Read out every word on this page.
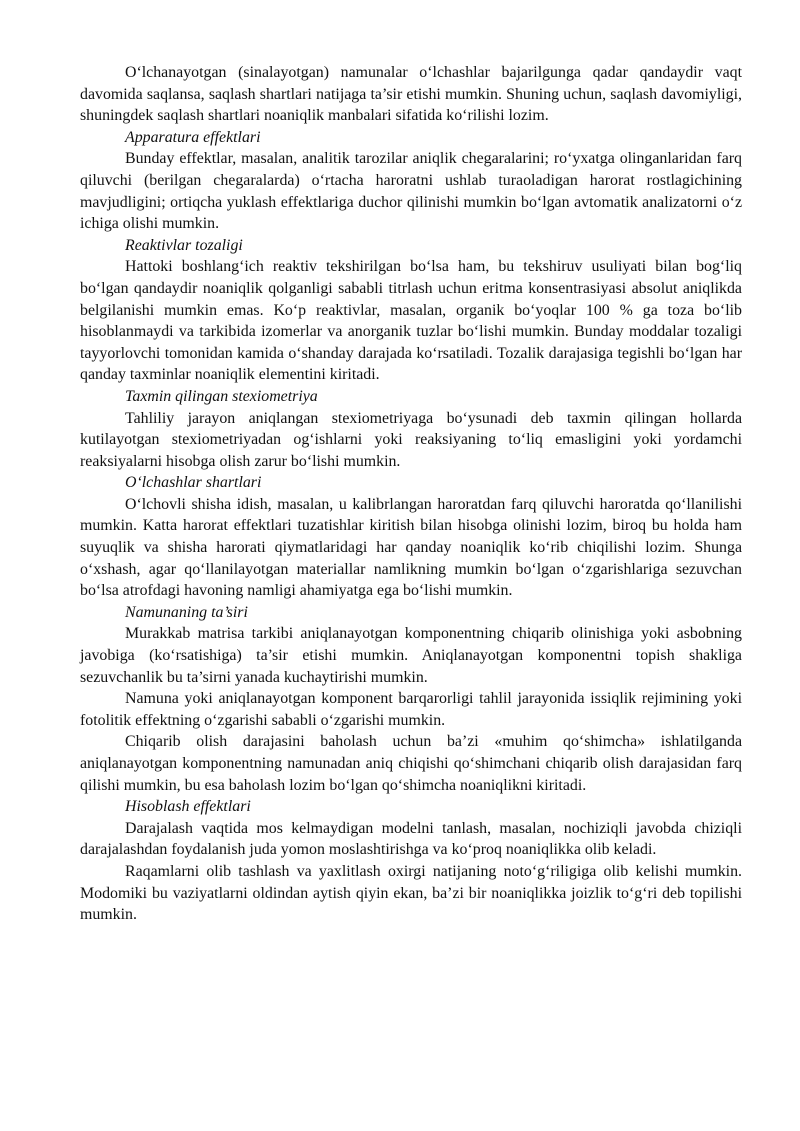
O‘lchanayotgan (sinalayotgan) namunalar o‘lchashlar bajarilgunga qadar qandaydir vaqt davomida saqlansa, saqlash shartlari natijaga ta’sir etishi mumkin. Shuning uchun, saqlash davomiyligi, shuningdek saqlash shartlari noaniqlik manbalari sifatida ko‘rilishi lozim.

Apparatura effektlari

Bunday effektlar, masalan, analitik tarozilar aniqlik chegaralarini; ro‘yxatga olinganlaridan farq qiluvchi (berilgan chegaralarda) o‘rtacha haroratni ushlab turaoladigan harorat rostlagichining mavjudligini; ortiqcha yuklash effektlariga duchor qilinishi mumkin bo‘lgan avtomatik analizatorni o‘z ichiga olishi mumkin.

Reaktivlar tozaligi

Hattoki boshlang‘ich reaktiv tekshirilgan bo‘lsa ham, bu tekshiruv usuliyati bilan bog‘liq bo‘lgan qandaydir noaniqlik qolganligi sababli titrlash uchun eritma konsentrasiyasi absolut aniqlikda belgilanishi mumkin emas. Ko‘p reaktivlar, masalan, organik bo‘yoqlar 100 % ga toza bo‘lib hisoblanmaydi va tarkibida izomerlar va anorganik tuzlar bo‘lishi mumkin. Bunday moddalar tozaligi tayyorlovchi tomonidan kamida o‘shanday darajada ko‘rsatiladi. Tozalik darajasiga tegishli bo‘lgan har qanday taxminlar noaniqlik elementini kiritadi.

Taxmin qilingan stexiometriya

Tahliliy jarayon aniqlangan stexiometriyaga bo‘ysunadi deb taxmin qilingan hollarda kutilayotgan stexiometriyadan og‘ishlarni yoki reaksiyaning to‘liq emasligini yoki yordamchi reaksiyalarni hisobga olish zarur bo‘lishi mumkin.

O‘lchashlar shartlari

O‘lchovli shisha idish, masalan, u kalibrlangan haroratdan farq qiluvchi haroratda qo‘llanilishi mumkin. Katta harorat effektlari tuzatishlar kiritish bilan hisobga olinishi lozim, biroq bu holda ham suyuqlik va shisha harorati qiymatlaridagi har qanday noaniqlik ko‘rib chiqilishi lozim. Shunga o‘xshash, agar qo‘llanilayotgan materiallar namlikning mumkin bo‘lgan o‘zgarishlariga sezuvchan bo‘lsa atrofdagi havoning namligi ahamiyatga ega bo‘lishi mumkin.

Namunaning ta’siri

Murakkab matrisa tarkibi aniqlanayotgan komponentning chiqarib olinishiga yoki asbobning javobiga (ko‘rsatishiga) ta’sir etishi mumkin. Aniqlanayotgan komponentni topish shakliga sezuvchanlik bu ta’sirni yanada kuchaytirishi mumkin.

Namuna yoki aniqlanayotgan komponent barqarorligi tahlil jarayonida issiqlik rejimining yoki fotolitik effektning o‘zgarishi sababli o‘zgarishi mumkin.

Chiqarib olish darajasini baholash uchun ba’zi «muhim qo‘shimcha» ishlatilganda aniqlanayotgan komponentning namunadan aniq chiqishi qo‘shimchani chiqarib olish darajasidan farq qilishi mumkin, bu esa baholash lozim bo‘lgan qo‘shimcha noaniqlikni kiritadi.

Hisoblash effektlari

Darajalash vaqtida mos kelmaydigan modelni tanlash, masalan, nochiziqli javobda chiziqli darajalashdan foydalanish juda yomon moslashtirishga va ko‘proq noaniqlikka olib keladi.

Raqamlarni olib tashlash va yaxlitlash oxirgi natijaning noto‘g‘riligiga olib kelishi mumkin. Modomiki bu vaziyatlarni oldindan aytish qiyin ekan, ba’zi bir noaniqlikka joizlik to‘g‘ri deb topilishi mumkin.
